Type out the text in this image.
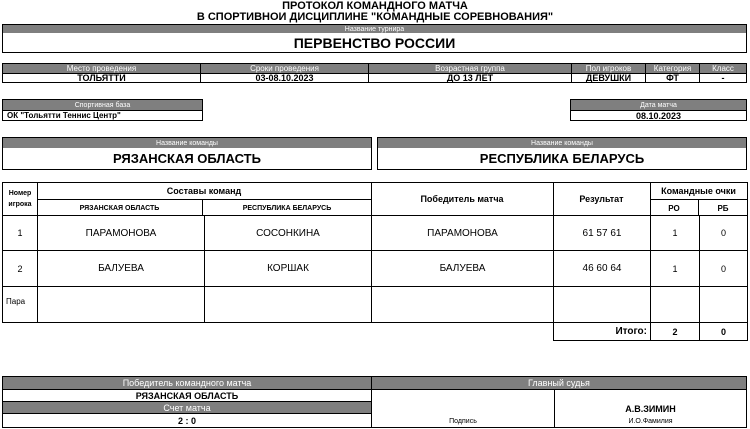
ПРОТОКОЛ КОМАНДНОГО МАТЧА
В СПОРТИВНОЙ ДИСЦИПЛИНЕ "КОМАНДНЫЕ СОРЕВНОВАНИЯ"
Название турнира
ПЕРВЕНСТВО РОССИИ
Место проведения
ТОЛЬЯТТИ
Сроки проведения
03-08.10.2023
Возрастная группа
ДО 13 ЛЕТ
Пол игроков
ДЕВУШКИ
Категория
ФТ
Класс
-
Спортивная база
ОК "Тольятти Теннис Центр"
Дата матча
08.10.2023
Название команды
РЯЗАНСКАЯ ОБЛАСТЬ
Название команды
РЕСПУБЛИКА БЕЛАРУСЬ
Номер
игрока
Составы команд
РЯЗАНСКАЯ ОБЛАСТЬ	РЕСПУБЛИКА БЕЛАРУСЬ
Победитель матча	Результат
Командные очки
РО	РБ
1	ПАРАМОНОВА	СОСОНКИНА	ПАРАМОНОВА	61 57 61	1	0
2	БАЛУЕВА	КОРШАК	БАЛУЕВА	46 60 64	1	0
Пара
Итого:	2	0
Победитель командного матча
РЯЗАНСКАЯ ОБЛАСТЬ
Счет матча
2 : 0
Главный судья
Подпись
А.В.ЗИМИН
И.О.Фамилия
